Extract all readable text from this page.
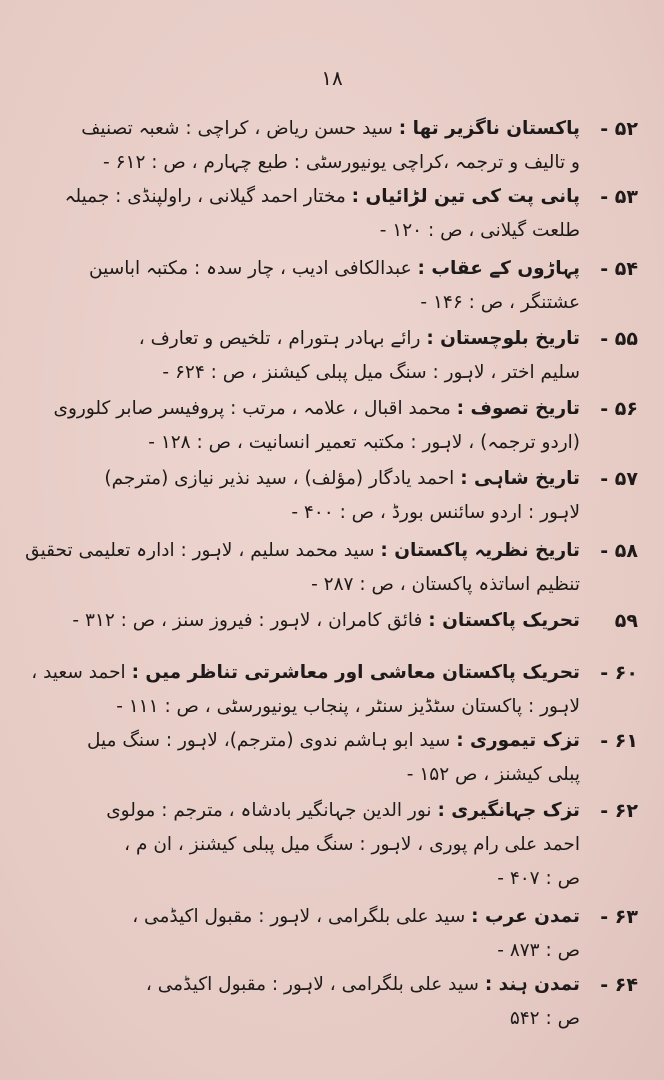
۱۸
۵۲ -
پاکستان ناگزیر تھا : سید حسن ریاض ، کراچی : شعبہ تصنیف
و تالیف و ترجمہ ،کراچی یونیورسٹی : طبع چہارم ، ص : ۶۱۲ -
۵۳ -
پانی پت کی تین لڑائیاں : مختار احمد گیلانی ، راولپنڈی : جمیلہ
طلعت گیلانی ، ص : ۱۲۰ -
۵۴ -
پہاڑوں کے عقاب : عبدالکافی ادیب ، چار سدہ : مکتبہ اباسین
عشتنگر ، ص : ۱۴۶ -
۵۵ -
تاریخ بلوچستان : رائے بہادر ہتورام ، تلخیص و تعارف ،
سلیم اختر ، لاہور : سنگ میل پبلی کیشنز ، ص : ۶۲۴ -
۵۶ -
تاریخ تصوف : محمد اقبال ، علامہ ، مرتب : پروفیسر صابر کلوروی
(اردو ترجمہ) ، لاہور : مکتبہ تعمیر انسانیت ، ص : ۱۲۸ -
۵۷ -
تاریخ شاہی : احمد یادگار (مؤلف) ، سید نذیر نیازی (مترجم)
لاہور : اردو سائنس بورڈ ، ص : ۴۰۰ -
۵۸ -
تاریخ نظریہ پاکستان : سید محمد سلیم ، لاہور : ادارہ تعلیمی تحقیق
تنظیم اساتذہ پاکستان ، ص : ۲۸۷ -
۵۹
تحریک پاکستان : فائق کامران ، لاہور : فیروز سنز ، ص : ۳۱۲ -
۶۰ -
تحریک پاکستان معاشی اور معاشرتی تناظر میں : احمد سعید ،
لاہور : پاکستان سٹڈیز سنٹر ، پنجاب یونیورسٹی ، ص : ۱۱۱ -
۶۱ -
تزک تیموری : سید ابو ہاشم ندوی (مترجم)، لاہور : سنگ میل
پبلی کیشنز ، ص ۱۵۲ -
۶۲ -
تزک جہانگیری : نور الدین جہانگیر بادشاہ ، مترجم : مولوی
احمد علی رام پوری ، لاہور : سنگ میل پبلی کیشنز ، ان م ،
ص : ۴۰۷ -
۶۳ -
تمدن عرب : سید علی بلگرامی ، لاہور : مقبول اکیڈمی ،
ص : ۸۷۳ -
۶۴ -
تمدن ہند : سید علی بلگرامی ، لاہور : مقبول اکیڈمی ،
ص : ۵۴۲
